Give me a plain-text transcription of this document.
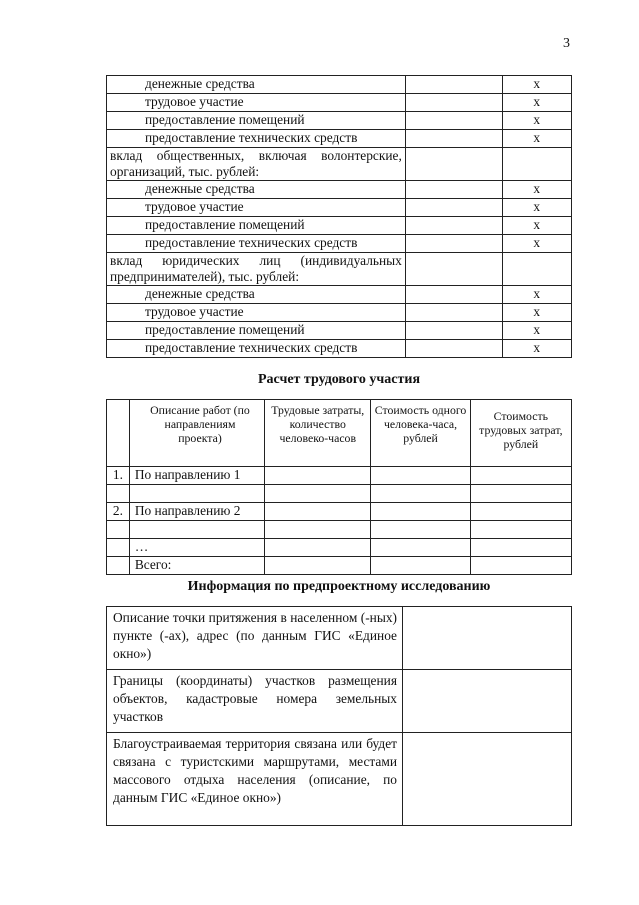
3
денежные средства		х
трудовое участие		х
предоставление помещений		х
предоставление технических средств		х
вклад общественных, включая волонтерские, организаций, тыс. рублей:		
денежные средства		х
трудовое участие		х
предоставление помещений		х
предоставление технических средств		х
вклад юридических лиц (индивидуальных предпринимателей), тыс. рублей:		
денежные средства		х
трудовое участие		х
предоставление помещений		х
предоставление технических средств		х
Расчет трудового участия
	Описание работ (по направлениям проекта)	Трудовые затраты, количество человеко-часов	Стоимость одного человека-часа, рублей	Стоимость трудовых затрат, рублей
1.	По направлению 1			

2.	По направлению 2			

	…			
	Всего:			
Информация по предпроектному исследованию
Описание точки притяжения в населенном (-ных) пункте (-ах), адрес (по данным ГИС «Единое окно»)	
Границы (координаты) участков размещения объектов, кадастровые номера земельных участков	
Благоустраиваемая территория связана или будет связана с туристскими маршрутами, местами массового отдыха населения (описание, по данным ГИС «Единое окно»)	
